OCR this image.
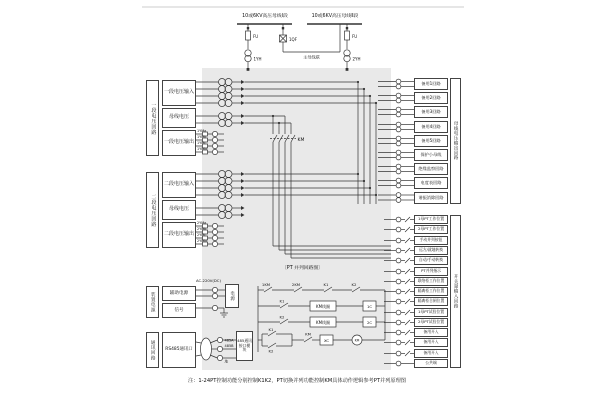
FU	FU
1QF
主母线联
1YH	2YH
KM
1YMa
1YMb
1YMc
1YMN
2YMa
2YMb
2YMc
2YMN
485A
485B
地
1KM	2KM	K1	K2
K1
KM线圈	1C
K2
KM线圈	2C
K1
K2
KM
XC	KM
10或6KV高压母线Ⅰ段	10或6KV高压母线Ⅱ段
一段电压回路
一段电压输入
母线电压
一段电压输出
二段电压回路
二段电压输入
母线电压
二段电压输出
AC-220V(DC)
装置电源	辅助电源
信号
电源
通讯回路	RS485通讯口
485通讯
接口模块
〔PT 并列回路图〕
备用1回路
备用2回路
备用3回路
备用4回路
备用5回路
保护小母线
绝缘监察回路
电度表回路
谐振消除回路
母线电压输出回路
1母PT工作位置
2母PT工作位置
手动并列按钮
远方/就地转换
自动/手动转换
PT并列指示
联络柜工作位置
隔离柜工作位置
隔离柜合闸位置
1母PT试验位置
2母PT试验位置
备用开入
备用开入
备用开入
公共端
开关量输入回路
注：1-24PT控制功能分别控制K1K2，PT切换并列功能控制KM具体动作逻辑参考PT并列原理图
